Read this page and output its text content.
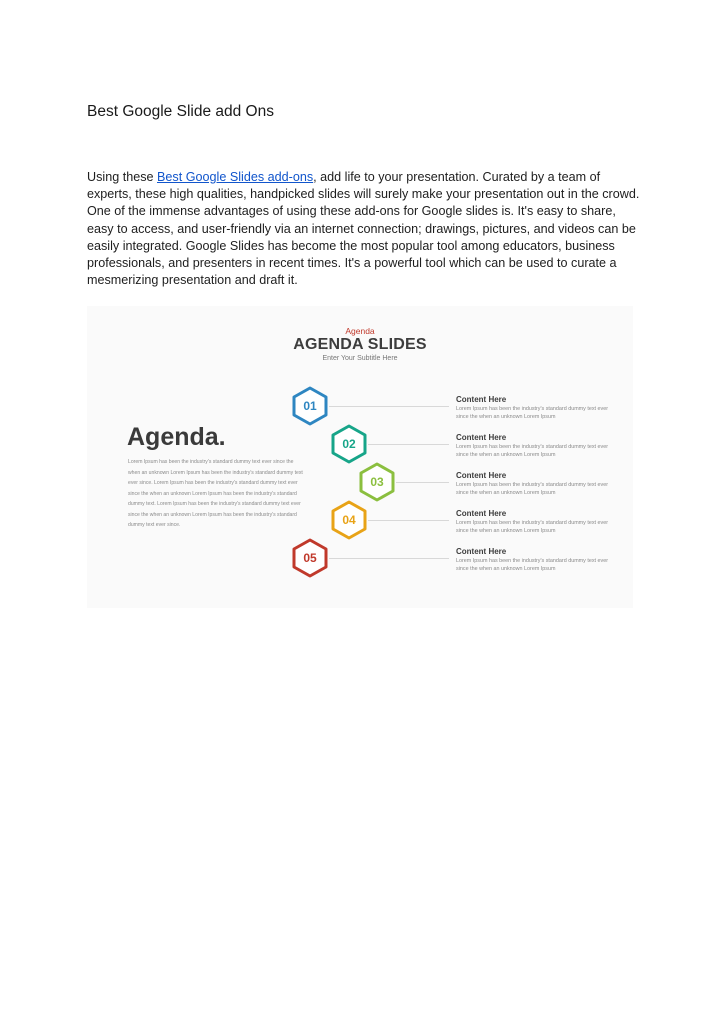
Best Google Slide add Ons
Using these Best Google Slides add-ons, add life to your presentation. Curated by a team of experts, these high qualities, handpicked slides will surely make your presentation out in the crowd. One of the immense advantages of using these add-ons for Google slides is. It's easy to share, easy to access, and user-friendly via an internet connection; drawings, pictures, and videos can be easily integrated. Google Slides has become the most popular tool among educators, business professionals, and presenters in recent times. It's a powerful tool which can be used to curate a mesmerizing presentation and draft it.
Agenda
AGENDA SLIDES
Enter Your Subtitle Here
Agenda.
Lorem Ipsum has been the industry's standard dummy text ever since the when an unknown Lorem Ipsum has been the industry's standard dummy text ever since. Lorem Ipsum has been the industry's standard dummy text ever since the when an unknown Lorem Ipsum has been the industry's standard dummy text. Lorem Ipsum has been the industry's standard dummy text ever since the when an unknown Lorem Ipsum has been the industry's standard dummy text ever since.
01	Content Here
Lorem Ipsum has been the industry's standard dummy text ever since the when an unknown Lorem Ipsum
02	Content Here
Lorem Ipsum has been the industry's standard dummy text ever since the when an unknown Lorem Ipsum
03	Content Here
Lorem Ipsum has been the industry's standard dummy text ever since the when an unknown Lorem Ipsum
04	Content Here
Lorem Ipsum has been the industry's standard dummy text ever since the when an unknown Lorem Ipsum
05	Content Here
Lorem Ipsum has been the industry's standard dummy text ever since the when an unknown Lorem Ipsum
